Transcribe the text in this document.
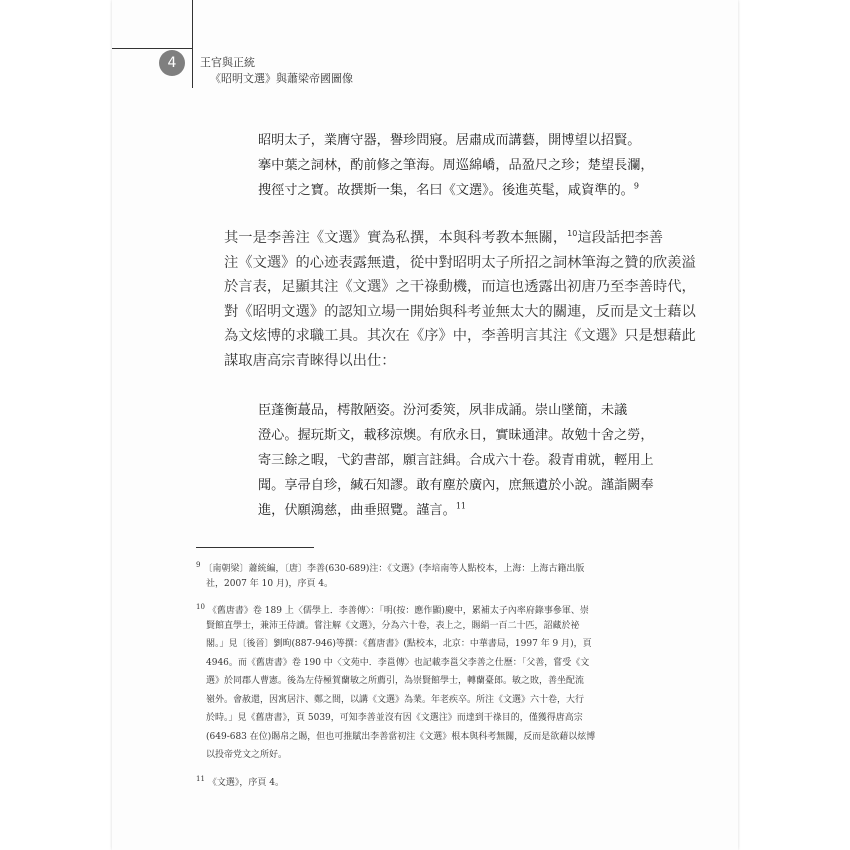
4	王官與正統
《昭明文選》與蕭梁帝國圖像
昭明太子，業膺守器，譽珍問寢。居肅成而講藝，開博望以招賢。
搴中葉之詞林，酌前修之筆海。周巡綿嶠，品盈尺之珍；楚望長瀾，
搜徑寸之寶。故撰斯一集，名曰《文選》。後進英髦，咸資準的。$^9$
其一是李善注《文選》實為私撰，本與科考教本無關，$^{10}$這段話把李善
注《文選》的心迹表露無遺，從中對昭明太子所招之詞林筆海之贊的欣羨溢
於言表，足顯其注《文選》之干祿動機，而這也透露出初唐乃至李善時代，
對《昭明文選》的認知立場一開始與科考並無太大的關連，反而是文士藉以
為文炫博的求職工具。其次在《序》中，李善明言其注《文選》只是想藉此
謀取唐高宗青睞得以出仕：
臣蓬衡蕞品，樗散陋姿。汾河委筴，夙非成誦。崇山墜簡，未議
澄心。握玩斯文，載移涼燠。有欣永日，實昧通津。故勉十舍之勞，
寄三餘之暇，弋釣書部，願言註緝。合成六十卷。殺青甫就，輕用上
聞。享帚自珍，緘石知謬。敢有塵於廣內，庶無遺於小說。謹詣闕奉
進，伏願鴻慈，曲垂照覽。謹言。$^{11}$
$^9$ 〔南朝梁〕蕭統編，〔唐〕李善(630-689)注：《文選》(李培南等人點校本，上海：上海古籍出版
社，2007 年 10 月)，序頁 4。
$^{10}$ 《舊唐書》卷 189 上〈儒學上．李善傳〉：「明(按：應作顯)慶中，累補太子內率府錄事參軍、崇
賢館直學士，兼沛王侍讀。嘗注解《文選》，分為六十卷，表上之，賜絹一百二十匹，詔藏於祕
閣。」見〔後晉〕劉昫(887-946)等撰：《舊唐書》(點校本，北京：中華書局，1997 年 9 月)，頁
4946。而《舊唐書》卷 190 中〈文苑中．李邕傳〉也記載李邕父李善之仕歷：「父善，嘗受《文
選》於同郡人曹憲。後為左侍極賀蘭敏之所薦引，為崇賢館學士，轉蘭臺郎。敏之敗，善坐配流
嶺外。會赦還，因寓居汴、鄭之間，以講《文選》為業。年老疾卒。所注《文選》六十卷，大行
於時。」見《舊唐書》，頁 5039，可知李善並沒有因《文選注》而達到干祿目的，僅獲得唐高宗
(649-683 在位)賜帛之賜，但也可推賦出李善當初注《文選》根本與科考無關，反而是欲藉以炫博
以投帝党文之所好。
$^{11}$ 《文選》，序頁 4。
